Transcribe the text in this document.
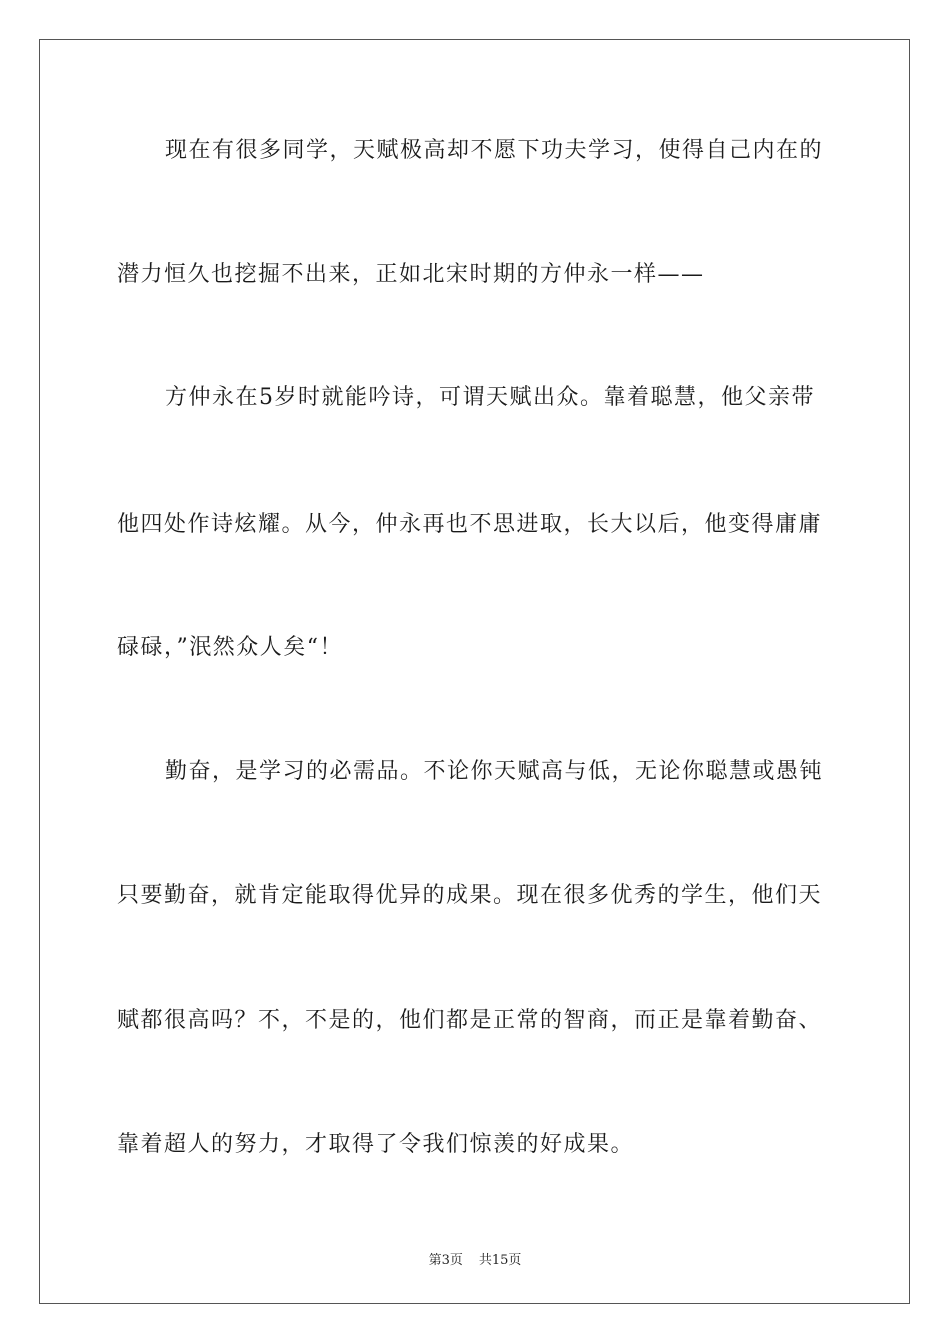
现在有很多同学，天赋极高却不愿下功夫学习，使得自己内在的
潜力恒久也挖掘不出来，正如北宋时期的方仲永一样——
方仲永在5岁时就能吟诗，可谓天赋出众。靠着聪慧，他父亲带
他四处作诗炫耀。从今，仲永再也不思进取，长大以后，他变得庸庸
碌碌，”泯然众人矣“！
勤奋，是学习的必需品。不论你天赋高与低，无论你聪慧或愚钝
只要勤奋，就肯定能取得优异的成果。现在很多优秀的学生，他们天
赋都很高吗？不，不是的，他们都是正常的智商，而正是靠着勤奋、
靠着超人的努力，才取得了令我们惊羡的好成果。
第3页 共15页
